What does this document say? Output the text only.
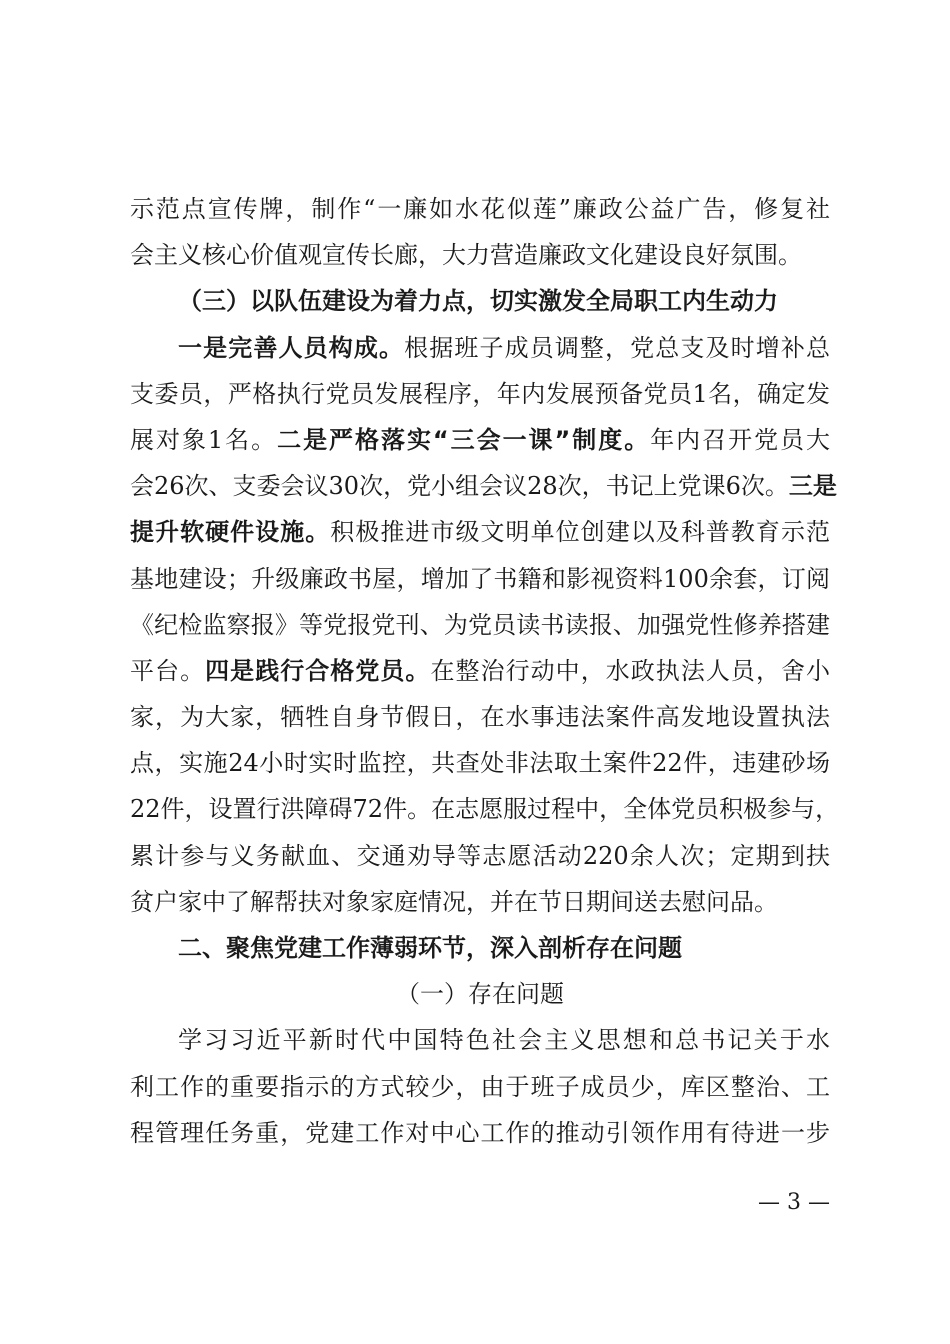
示范点宣传牌，制作“一廉如水花似莲”廉政公益广告，修复社
会主义核心价值观宣传长廊，大力营造廉政文化建设良好氛围。
（三）以队伍建设为着力点，切实激发全局职工内生动力
一是完善人员构成。根据班子成员调整，党总支及时增补总
支委员，严格执行党员发展程序，年内发展预备党员1名，确定发
展对象1名。二是严格落实“三会一课”制度。年内召开党员大
会26次、支委会议30次，党小组会议28次，书记上党课6次。三是
提升软硬件设施。积极推进市级文明单位创建以及科普教育示范
基地建设；升级廉政书屋，增加了书籍和影视资料100余套，订阅
《纪检监察报》等党报党刊、为党员读书读报、加强党性修养搭建
平台。四是践行合格党员。在整治行动中，水政执法人员，舍小
家，为大家，牺牲自身节假日，在水事违法案件高发地设置执法
点，实施24小时实时监控，共查处非法取土案件22件，违建砂场
22件，设置行洪障碍72件。在志愿服过程中，全体党员积极参与，
累计参与义务献血、交通劝导等志愿活动220余人次；定期到扶
贫户家中了解帮扶对象家庭情况，并在节日期间送去慰问品。
二、聚焦党建工作薄弱环节，深入剖析存在问题
（一）存在问题
学习习近平新时代中国特色社会主义思想和总书记关于水
利工作的重要指示的方式较少，由于班子成员少，库区整治、工
程管理任务重，党建工作对中心工作的推动引领作用有待进一步
— 3 —
